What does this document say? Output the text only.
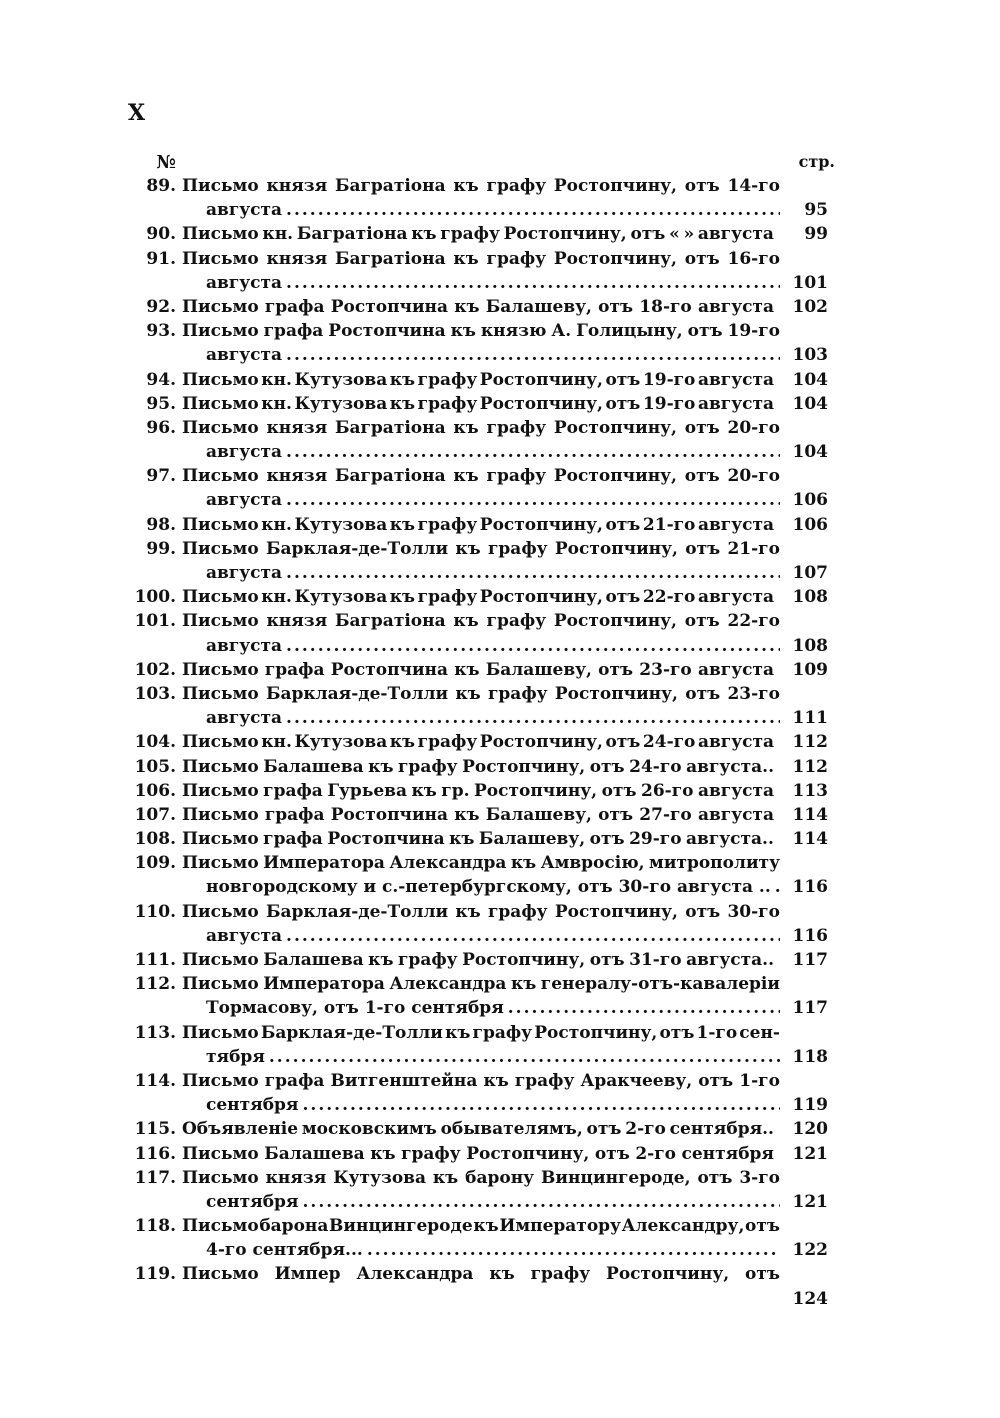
X
№	стр.
89. Письмо князя Багратіона къ графу Ростопчину, отъ 14-го
августа .....	95
90. Письмо кн. Багратіона къ графу Ростопчину, отъ « » августа	99
91. Письмо князя Багратіона къ графу Ростопчину, отъ 16-го
августа .....	101
92. Письмо графа Ростопчина къ Балашеву, отъ 18-го августа	102
93. Письмо графа Ростопчина къ князю А. Голицыну, отъ 19-го
августа .....	103
94. Письмо кн. Кутузова къ графу Ростопчину, отъ 19-го августа	104
95. Письмо кн. Кутузова къ графу Ростопчину, отъ 19-го августа	104
96. Письмо князя Багратіона къ графу Ростопчину, отъ 20-го
августа .....	104
97. Письмо князя Багратіона къ графу Ростопчину, отъ 20-го
августа .....	106
98. Письмо кн. Кутузова къ графу Ростопчину, отъ 21-го августа	106
99. Письмо Барклая-де-Толли къ графу Ростопчину, отъ 21-го
августа .....	107
100. Письмо кн. Кутузова къ графу Ростопчину, отъ 22-го августа	108
101. Письмо князя Багратіона къ графу Ростопчину, отъ 22-го
августа .....	108
102. Письмо графа Ростопчина къ Балашеву, отъ 23-го августа	109
103. Письмо Барклая-де-Толли къ графу Ростопчину, отъ 23-го
августа .....	111
104. Письмо кн. Кутузова къ графу Ростопчину, отъ 24-го августа	112
105. Письмо Балашева къ графу Ростопчину, отъ 24-го августа..	112
106. Письмо графа Гурьева къ гр. Ростопчину, отъ 26-го августа	113
107. Письмо графа Ростопчина къ Балашеву, отъ 27-го августа	114
108. Письмо графа Ростопчина къ Балашеву, отъ 29-го августа..	114
109. Письмо Императора Александра къ Амвросію, митрополиту
новгородскому и с.-петербургскому, отъ 30-го августа .. .....	116
110. Письмо Барклая-де-Толли къ графу Ростопчину, отъ 30-го
августа .....	116
111. Письмо Балашева къ графу Ростопчину, отъ 31-го августа..	117
112. Письмо Императора Александра къ генералу-отъ-кавалеріи
Тормасову, отъ 1-го сентября .....	117
113. Письмо Барклая-де-Толли къ графу Ростопчину, отъ 1-го сен-
тября .....	118
114. Письмо графа Витгенштейна къ графу Аракчееву, отъ 1-го
сентября .....	119
115. Объявленіе московскимъ обывателямъ, отъ 2-го сентября..	120
116. Письмо Балашева къ графу Ростопчину, отъ 2-го сентября	121
117. Письмо князя Кутузова къ барону Винцингероде, отъ 3-го
сентября .....	121
118. Письмо барона Винцингероде къ Императору Александру, отъ
4-го сентября... .....	122
119. Письмо Импер Александра къ графу Ростопчину, отъ
124
